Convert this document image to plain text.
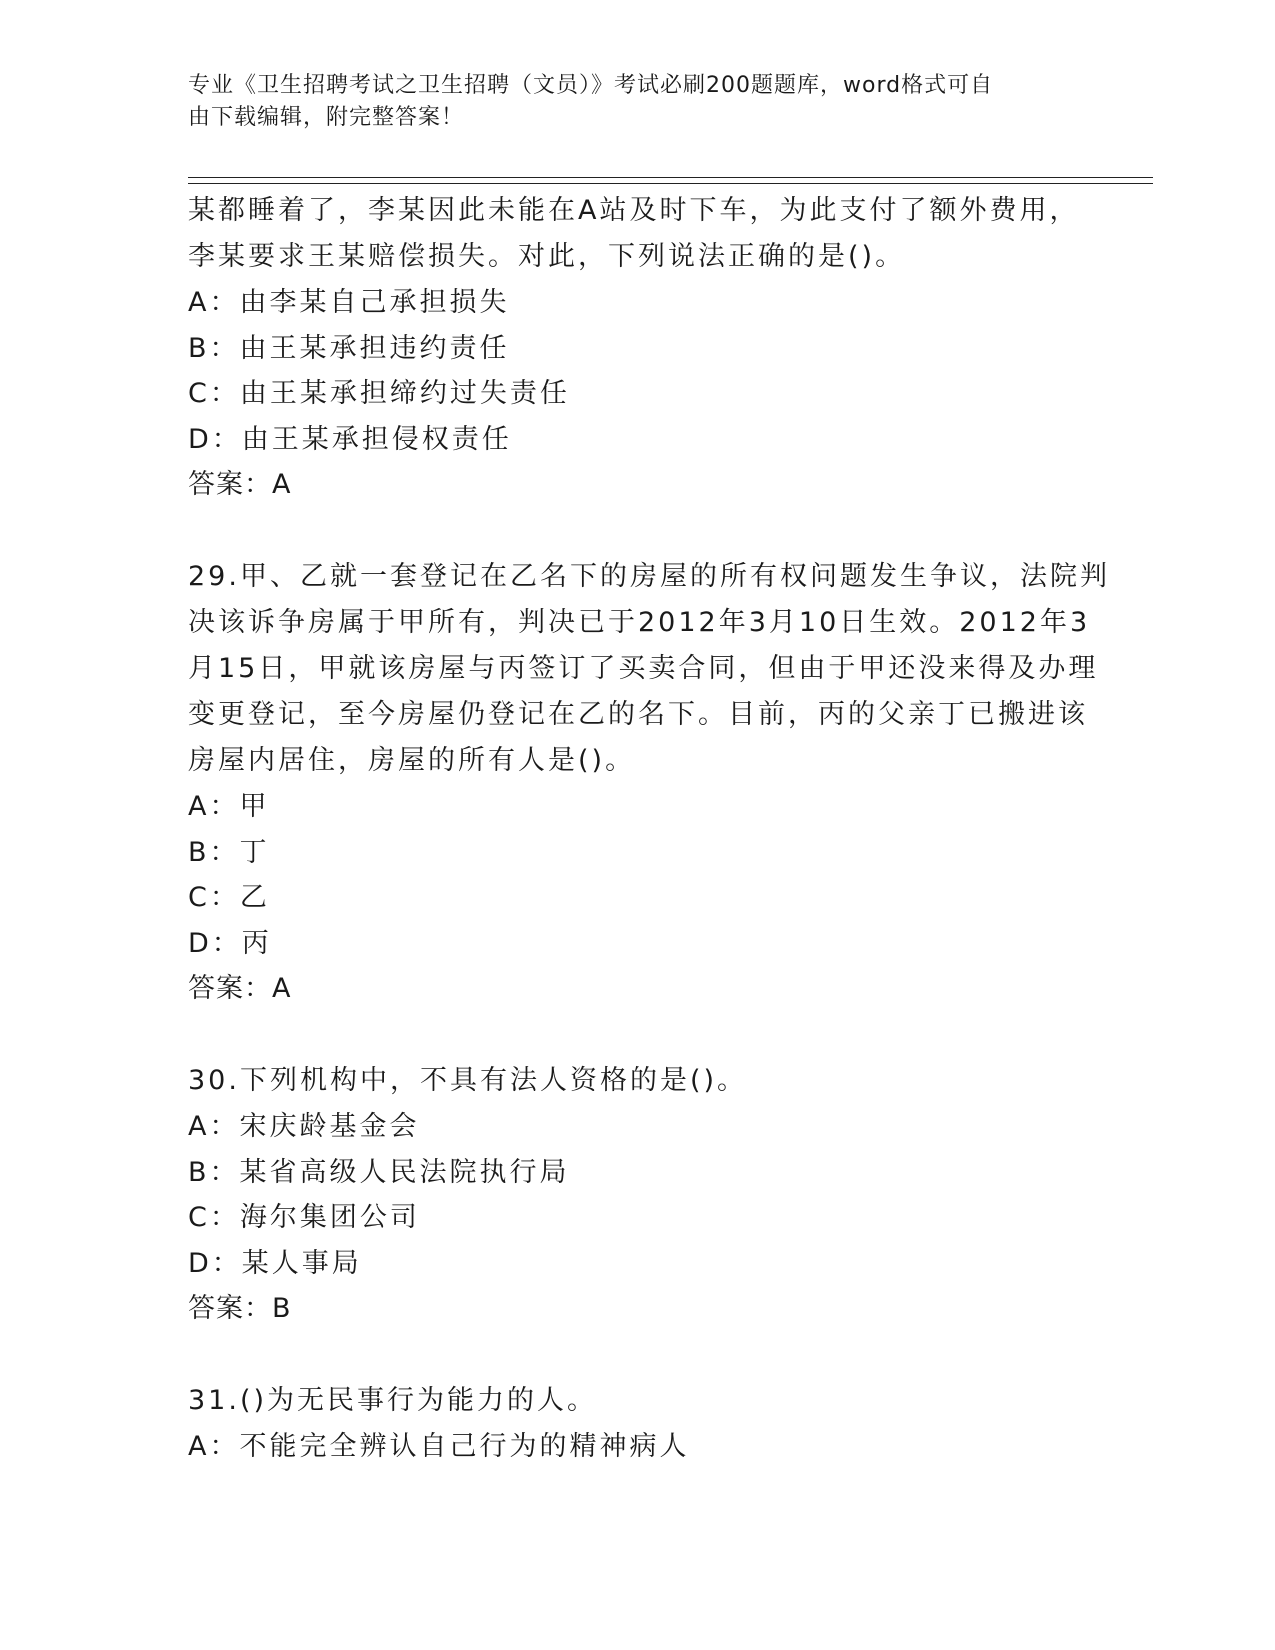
专业《卫生招聘考试之卫生招聘（文员）》考试必刷200题题库，word格式可自
由下载编辑，附完整答案！
某都睡着了，李某因此未能在A站及时下车，为此支付了额外费用，
李某要求王某赔偿损失。对此，下列说法正确的是()。
A：由李某自己承担损失
B：由王某承担违约责任
C：由王某承担缔约过失责任
D：由王某承担侵权责任
答案：A
29.甲、乙就一套登记在乙名下的房屋的所有权问题发生争议，法院判
决该诉争房属于甲所有，判决已于2012年3月10日生效。2012年3
月15日，甲就该房屋与丙签订了买卖合同，但由于甲还没来得及办理
变更登记，至今房屋仍登记在乙的名下。目前，丙的父亲丁已搬进该
房屋内居住，房屋的所有人是()。
A：甲
B：丁
C：乙
D：丙
答案：A
30.下列机构中，不具有法人资格的是()。
A：宋庆龄基金会
B：某省高级人民法院执行局
C：海尔集团公司
D：某人事局
答案：B
31.()为无民事行为能力的人。
A：不能完全辨认自己行为的精神病人
